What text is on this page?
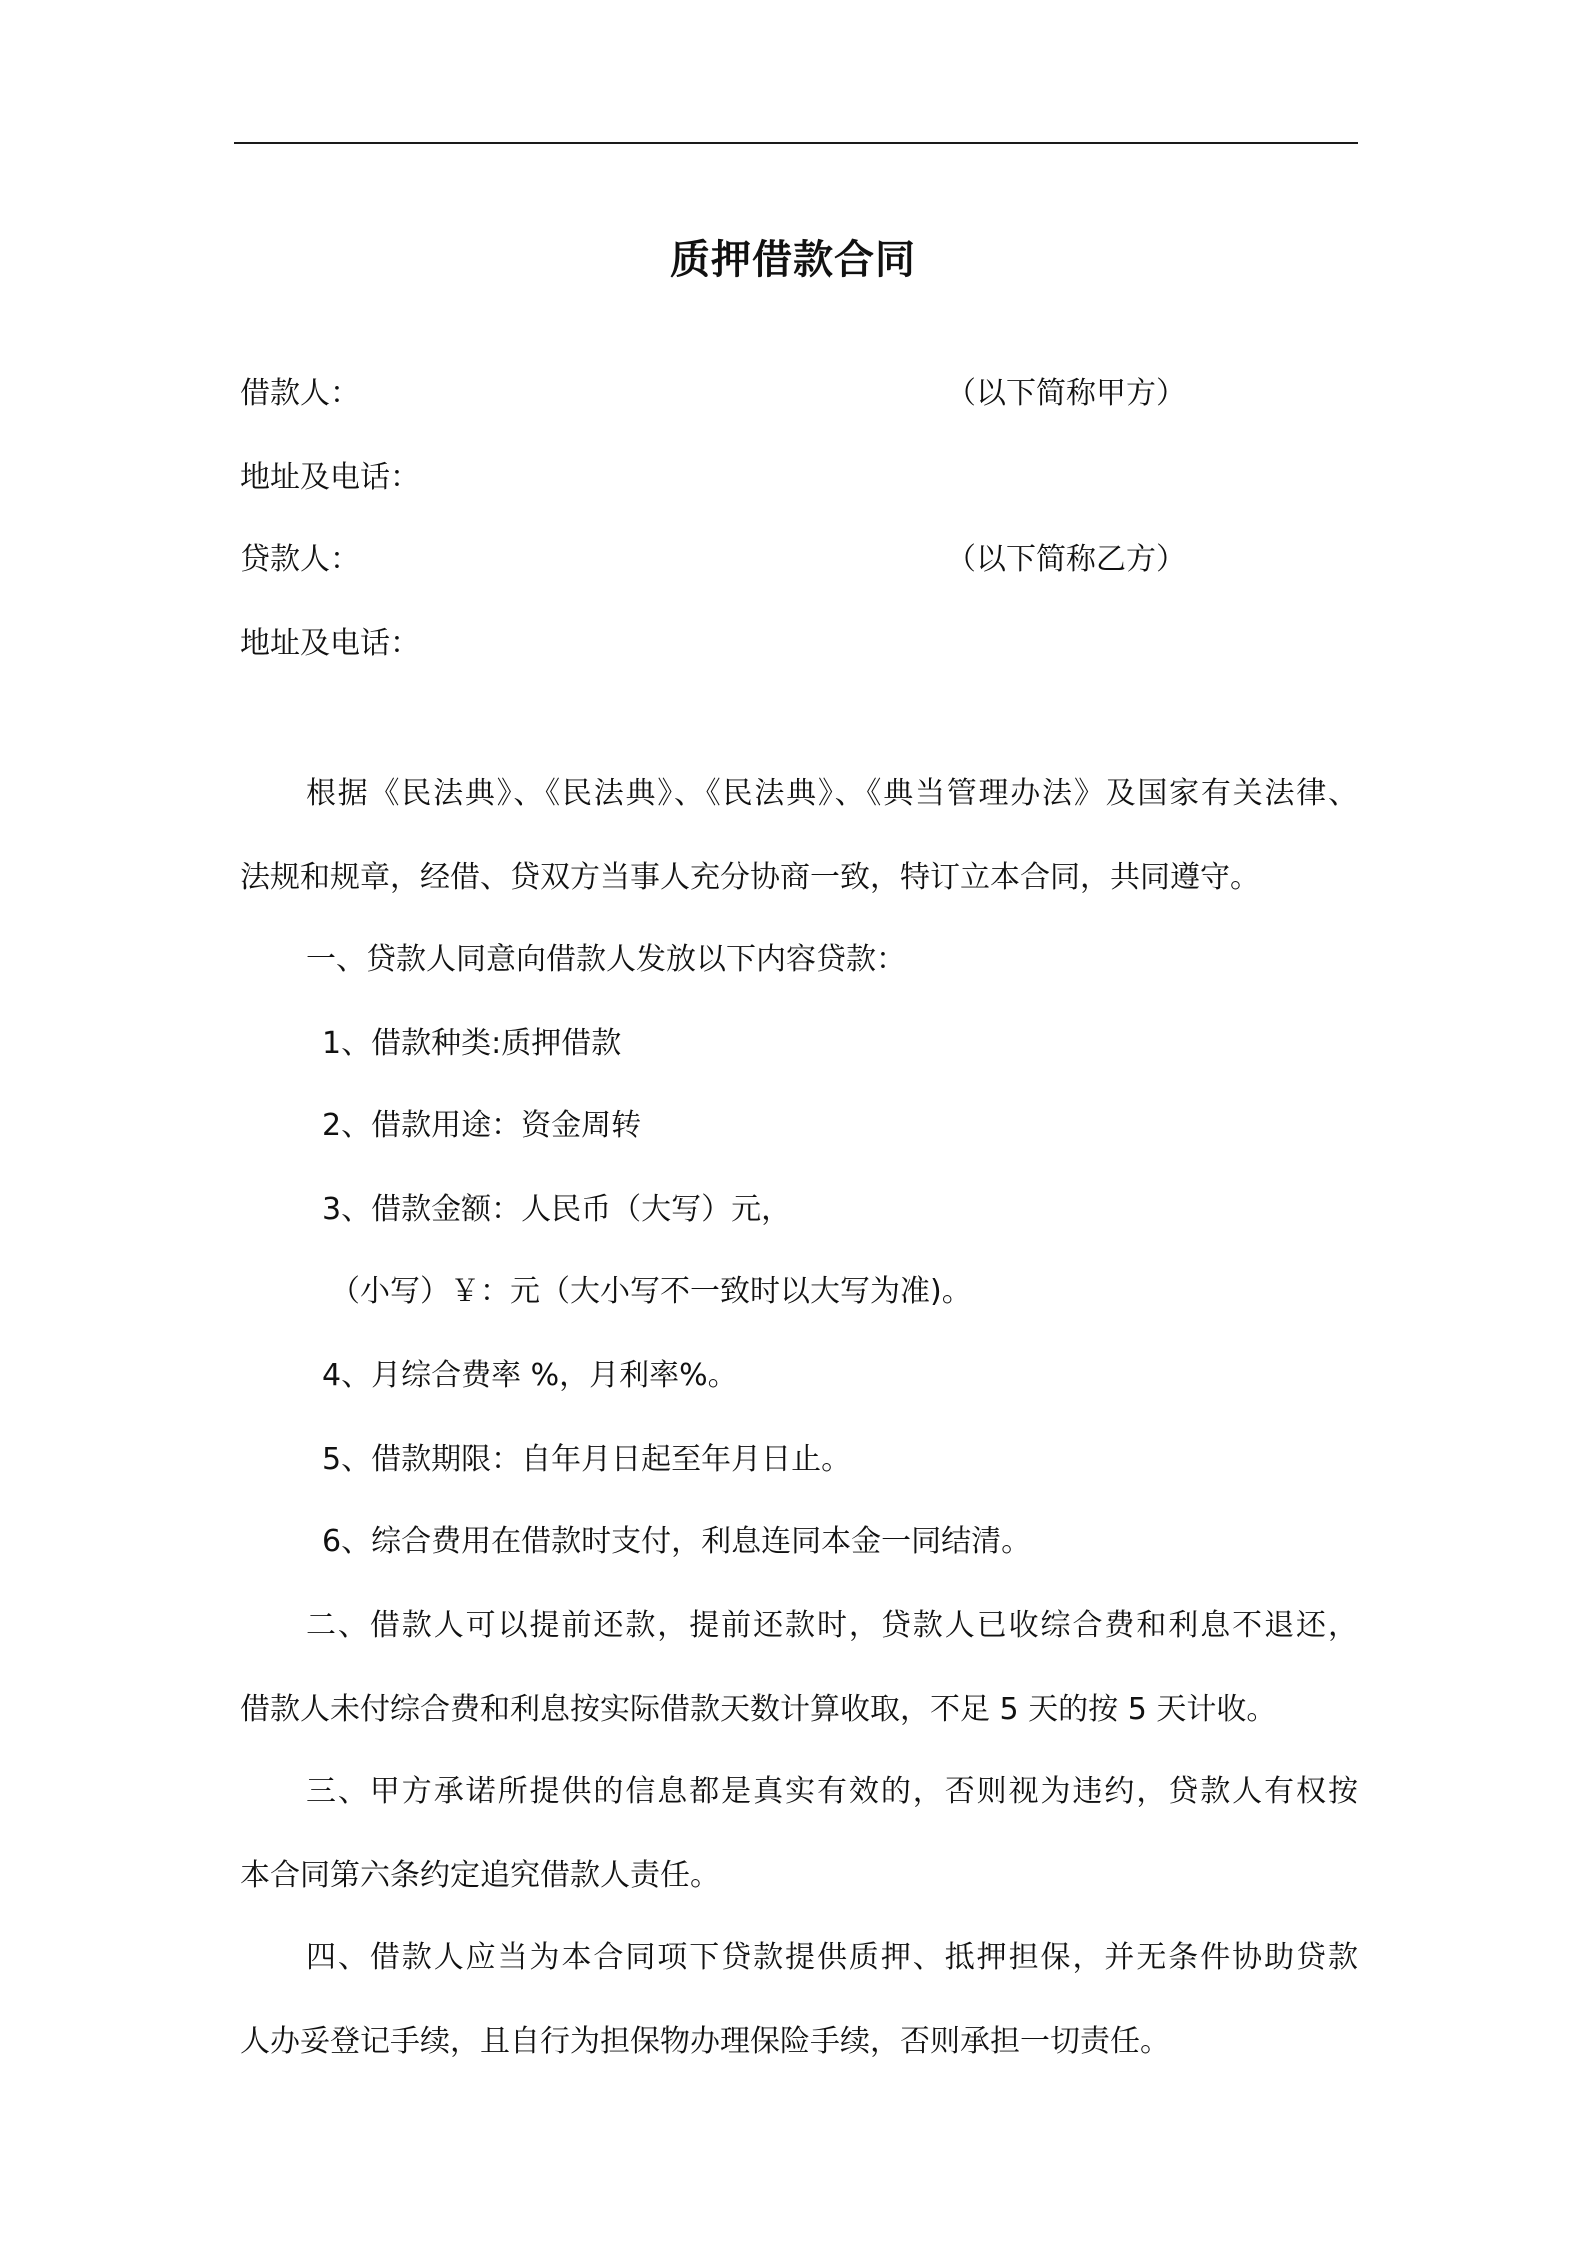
质押借款合同
借款人：	（以下简称甲方）
地址及电话：
贷款人：	（以下简称乙方）
地址及电话：
根据《民法典》、《民法典》、《民法典》、《典当管理办法》及国家有关法律、
法规和规章，经借、贷双方当事人充分协商一致，特订立本合同，共同遵守。
一、贷款人同意向借款人发放以下内容贷款：
1、借款种类:质押借款
2、借款用途：资金周转
3、借款金额：人民币（大写）元，
（小写）￥：元（大小写不一致时以大写为准)。
4、月综合费率 %，月利率%。
5、借款期限：自年月日起至年月日止。
6、综合费用在借款时支付，利息连同本金一同结清。
二、借款人可以提前还款，提前还款时，贷款人已收综合费和利息不退还，
借款人未付综合费和利息按实际借款天数计算收取，不足 5 天的按 5 天计收。
三、甲方承诺所提供的信息都是真实有效的，否则视为违约，贷款人有权按
本合同第六条约定追究借款人责任。
四、借款人应当为本合同项下贷款提供质押、抵押担保，并无条件协助贷款
人办妥登记手续，且自行为担保物办理保险手续，否则承担一切责任。
